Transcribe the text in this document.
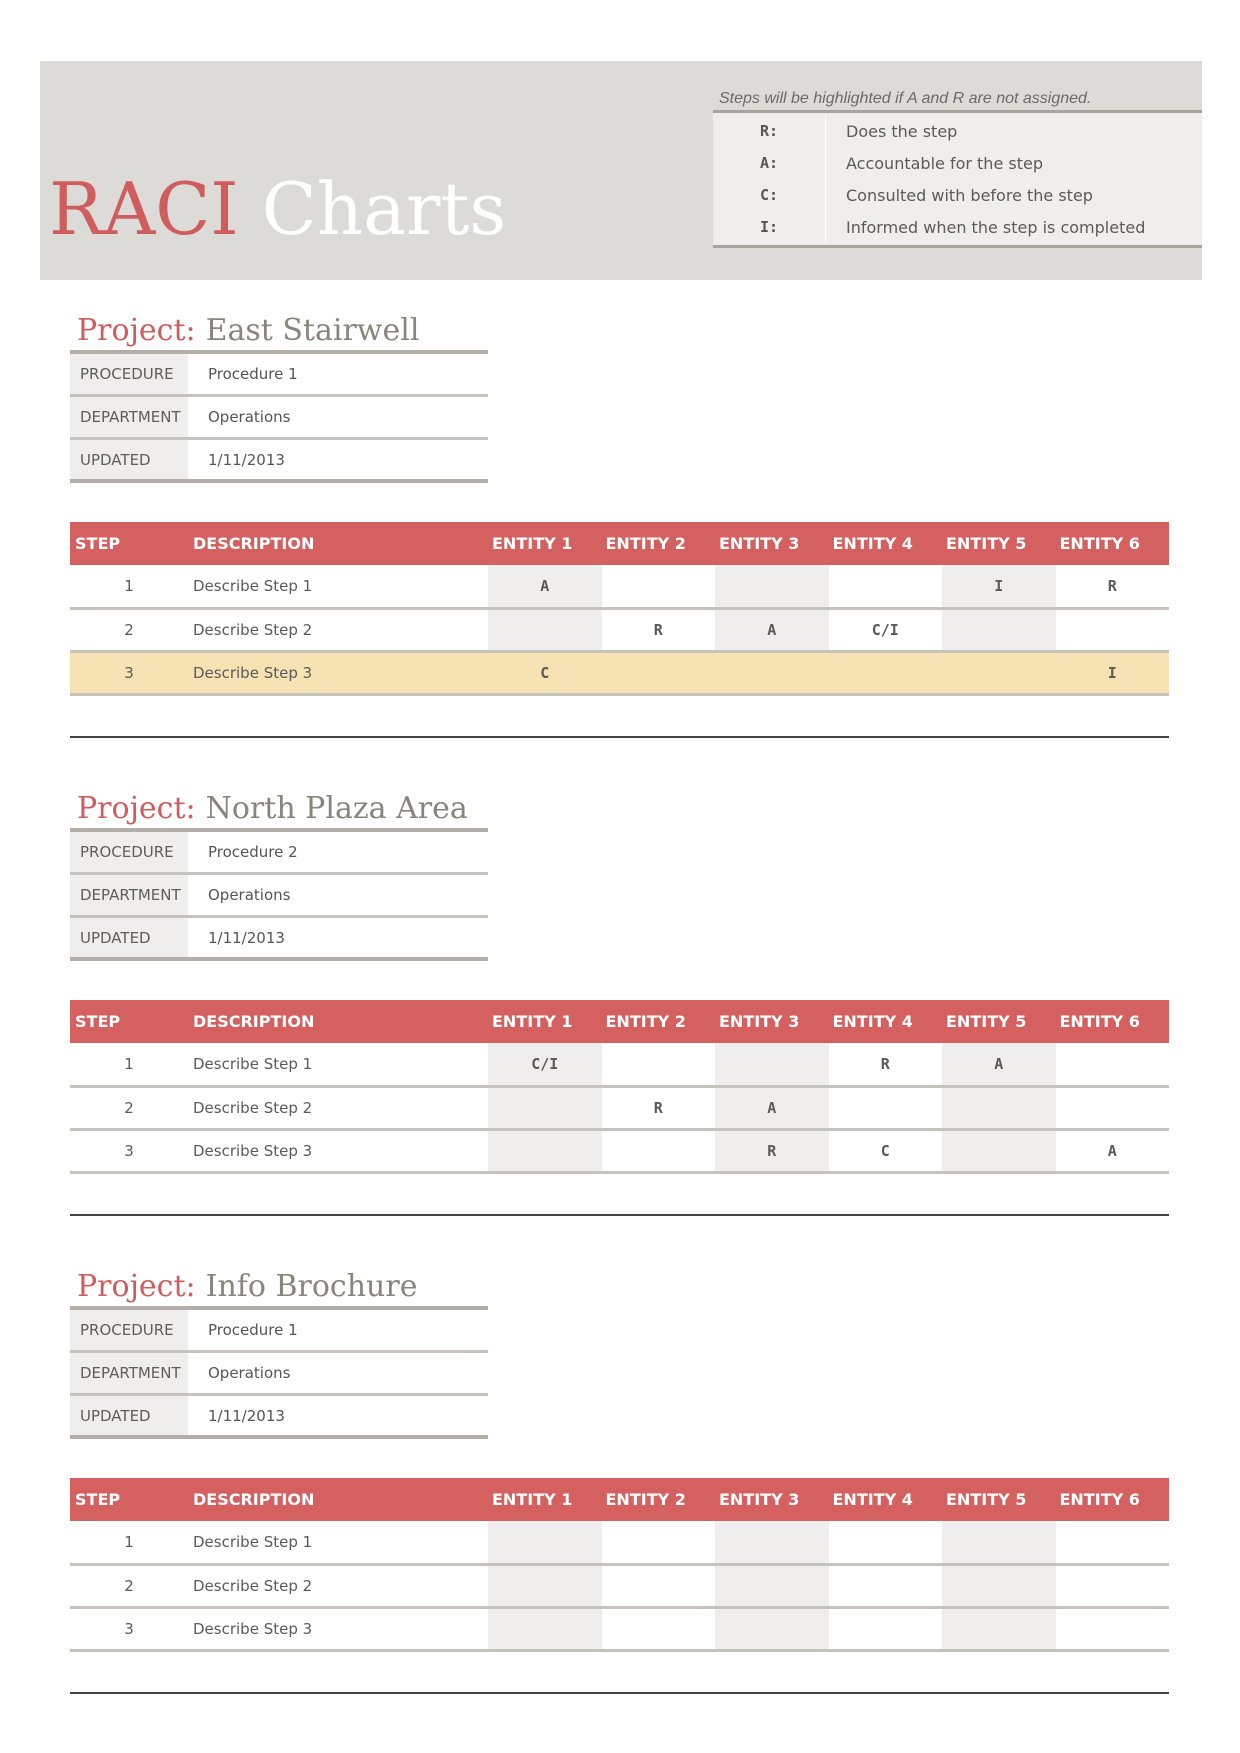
RACI Charts
Steps will be highlighted if A and R are not assigned.
R:	Does the step
A:	Accountable for the step
C:	Consulted with before the step
I:	Informed when the step is completed
Project: East Stairwell
PROCEDURE	Procedure 1
DEPARTMENT	Operations
UPDATED	1/11/2013
STEP	DESCRIPTION	ENTITY 1	ENTITY 2	ENTITY 3	ENTITY 4	ENTITY 5	ENTITY 6
1	Describe Step 1	A				I	R
2	Describe Step 2		R	A	C/I		
3	Describe Step 3	C					I
Project: North Plaza Area
PROCEDURE	Procedure 2
DEPARTMENT	Operations
UPDATED	1/11/2013
STEP	DESCRIPTION	ENTITY 1	ENTITY 2	ENTITY 3	ENTITY 4	ENTITY 5	ENTITY 6
1	Describe Step 1	C/I			R	A	
2	Describe Step 2		R	A			
3	Describe Step 3			R	C		A
Project: Info Brochure
PROCEDURE	Procedure 1
DEPARTMENT	Operations
UPDATED	1/11/2013
STEP	DESCRIPTION	ENTITY 1	ENTITY 2	ENTITY 3	ENTITY 4	ENTITY 5	ENTITY 6
1	Describe Step 1						
2	Describe Step 2						
3	Describe Step 3						
